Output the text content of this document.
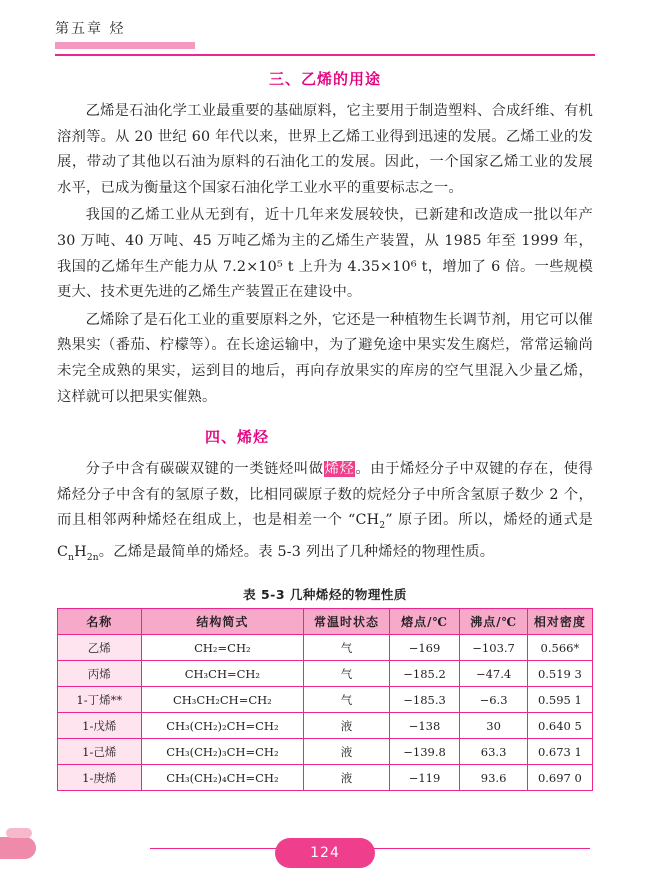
第五章 烃
三、乙烯的用途

乙烯是石油化学工业最重要的基础原料，它主要用于制造塑料、合成纤维、有机溶剂等。从 20 世纪 60 年代以来，世界上乙烯工业得到迅速的发展。乙烯工业的发展，带动了其他以石油为原料的石油化工的发展。因此，一个国家乙烯工业的发展水平，已成为衡量这个国家石油化学工业水平的重要标志之一。

我国的乙烯工业从无到有，近十几年来发展较快，已新建和改造成一批以年产 30 万吨、40 万吨、45 万吨乙烯为主的乙烯生产装置，从 1985 年至 1999 年，我国的乙烯年生产能力从 7.2×10⁵ t 上升为 4.35×10⁶ t，增加了 6 倍。一些规模更大、技术更先进的乙烯生产装置正在建设中。

乙烯除了是石化工业的重要原料之外，它还是一种植物生长调节剂，用它可以催熟果实（番茄、柠檬等）。在长途运输中，为了避免途中果实发生腐烂，常常运输尚未完全成熟的果实，运到目的地后，再向存放果实的库房的空气里混入少量乙烯，这样就可以把果实催熟。

四、烯烃

分子中含有碳碳双键的一类链烃叫做烯烃。由于烯烃分子中双键的存在，使得烯烃分子中含有的氢原子数，比相同碳原子数的烷烃分子中所含氢原子数少 2 个，而且相邻两种烯烃在组成上，也是相差一个 “$CH_2$” 原子团。所以，烯烃的通式是 $C_nH_{2n}$。乙烯是最简单的烯烃。表 5-3 列出了几种烯烃的物理性质。

表 5-3 几种烯烃的物理性质
名称	结构简式	常温时状态	熔点/℃	沸点/℃	相对密度
乙烯	CH₂=CH₂	气	−169	−103.7	0.566*
丙烯	CH₃CH=CH₂	气	−185.2	−47.4	0.519 3
1-丁烯**	CH₃CH₂CH=CH₂	气	−185.3	−6.3	0.595 1
1-戊烯	CH₃(CH₂)₂CH=CH₂	液	−138	30	0.640 5
1-己烯	CH₃(CH₂)₃CH=CH₂	液	−139.8	63.3	0.673 1
1-庚烯	CH₃(CH₂)₄CH=CH₂	液	−119	93.6	0.697 0
124
